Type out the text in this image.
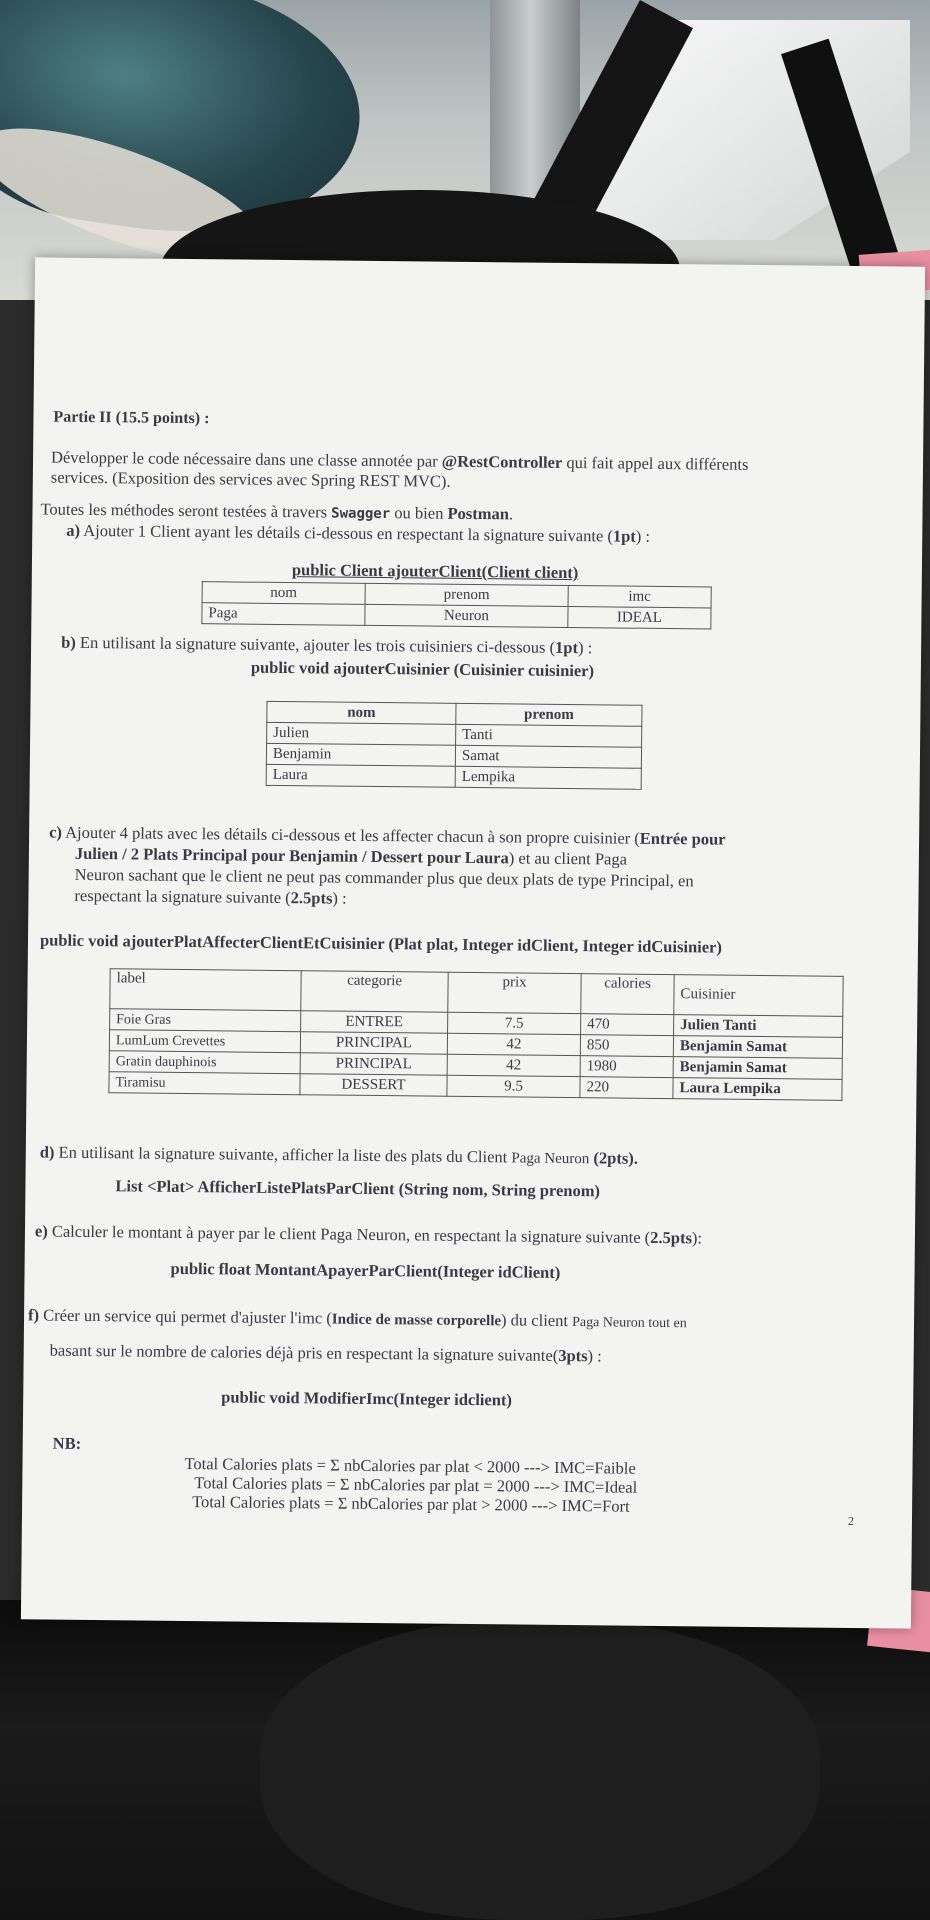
Partie II (15.5 points) :
Développer le code nécessaire dans une classe annotée par @RestController qui fait appel aux différents
services. (Exposition des services avec Spring REST MVC).
Toutes les méthodes seront testées à travers Swagger ou bien Postman.
a) Ajouter 1 Client ayant les détails ci-dessous en respectant la signature suivante (1pt) :
public Client ajouterClient(Client client)
nom	prenom	imc
Paga	Neuron	IDEAL
b) En utilisant la signature suivante, ajouter les trois cuisiniers ci-dessous (1pt) :
public void ajouterCuisinier (Cuisinier cuisinier)
nom	prenom
Julien	Tanti
Benjamin	Samat
Laura	Lempika
c) Ajouter 4 plats avec les détails ci-dessous et les affecter chacun à son propre cuisinier (Entrée pour
Julien / 2 Plats Principal pour Benjamin / Dessert pour Laura) et au client Paga
Neuron sachant que le client ne peut pas commander plus que deux plats de type Principal, en
respectant la signature suivante (2.5pts) :
public void ajouterPlatAffecterClientEtCuisinier (Plat plat, Integer idClient, Integer idCuisinier)
label	categorie	prix	calories	Cuisinier
Foie Gras	ENTREE	7.5	470	Julien Tanti
LumLum Crevettes	PRINCIPAL	42	850	Benjamin Samat
Gratin dauphinois	PRINCIPAL	42	1980	Benjamin Samat
Tiramisu	DESSERT	9.5	220	Laura Lempika
d) En utilisant la signature suivante, afficher la liste des plats du Client Paga Neuron (2pts).
List <Plat> AfficherListePlatsParClient (String nom, String prenom)
e) Calculer le montant à payer par le client Paga Neuron, en respectant la signature suivante (2.5pts):
public float MontantApayerParClient(Integer idClient)
f) Créer un service qui permet d'ajuster l'imc (Indice de masse corporelle) du client Paga Neuron tout en
basant sur le nombre de calories déjà pris en respectant la signature suivante(3pts) :
public void ModifierImc(Integer idclient)
NB:
Total Calories plats = Σ nbCalories par plat < 2000 ---> IMC=Faible
Total Calories plats = Σ nbCalories par plat = 2000 ---> IMC=Ideal
Total Calories plats = Σ nbCalories par plat > 2000 ---> IMC=Fort
2
